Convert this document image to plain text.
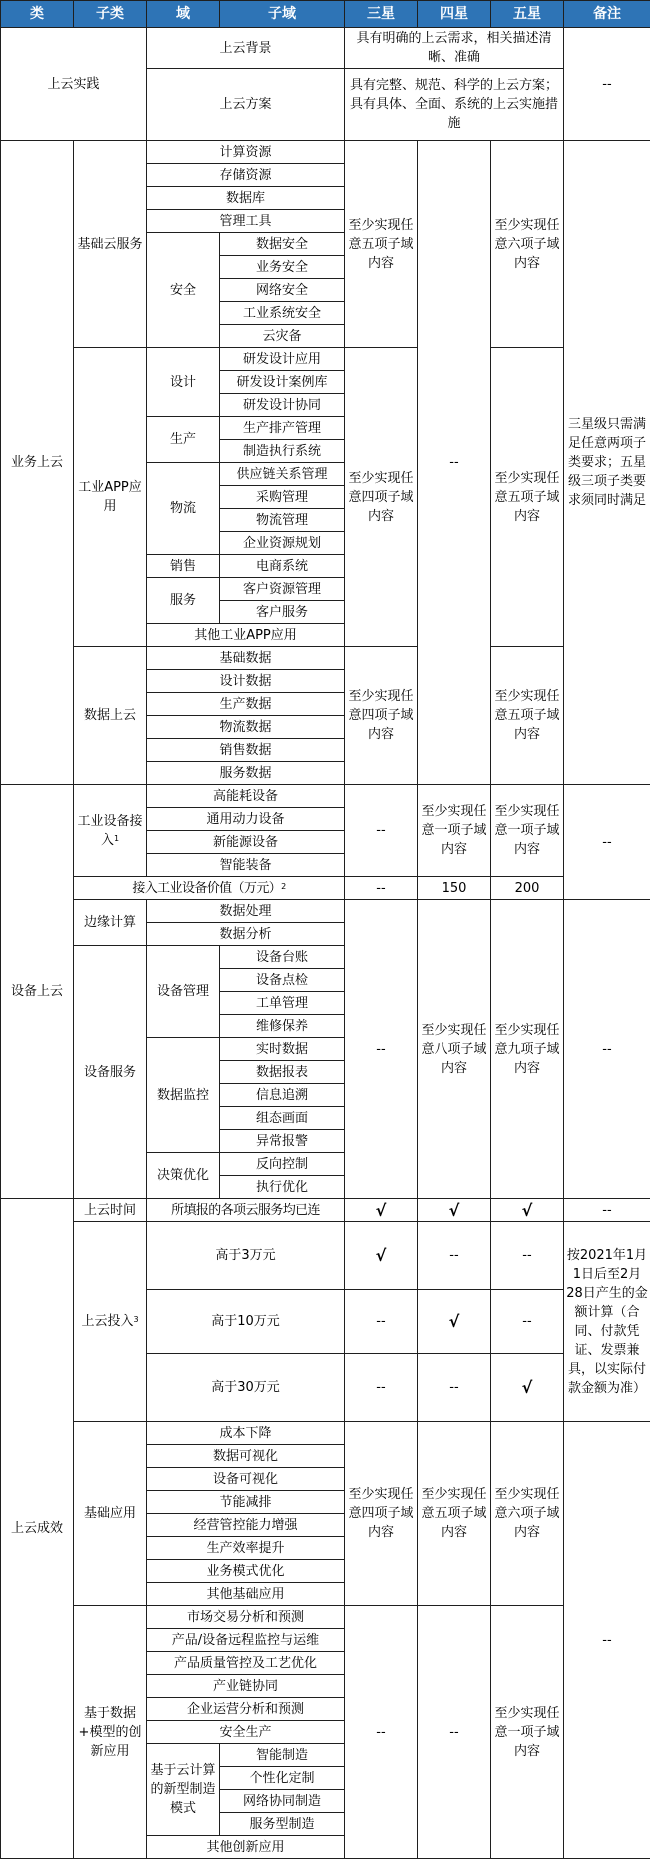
类	子类	域	子域	三星	四星	五星	备注
上云实践		上云背景		具有明确的上云需求，相关描述清晰、准确			--
		上云方案		具有完整、规范、科学的上云方案；具有具体、全面、系统的上云实施措施			
业务上云	基础云服务	计算资源		至少实现任意五项子域内容	--	至少实现任意六项子域内容	三星级只需满足任意两项子类要求；五星级三项子类要求须同时满足
		存储资源					
		数据库					
		管理工具					
		安全	数据安全				
			业务安全				
			网络安全				
			工业系统安全				
			云灾备				
	工业APP应用	设计	研发设计应用	至少实现任意四项子域内容		至少实现任意五项子域内容	
			研发设计案例库				
			研发设计协同				
		生产	生产排产管理				
			制造执行系统				
		物流	供应链关系管理				
			采购管理				
			物流管理				
			企业资源规划				
		销售	电商系统				
		服务	客户资源管理				
			客户服务				
		其他工业APP应用					
	数据上云	基础数据		至少实现任意四项子域内容		至少实现任意五项子域内容	
		设计数据					
		生产数据					
		物流数据					
		销售数据					
		服务数据					
设备上云	工业设备接入$^1$	高能耗设备		--	至少实现任意一项子域内容	至少实现任意一项子域内容	--
		通用动力设备					
		新能源设备					
		智能装备					
	接入工业设备价值（万元）$^2$			--	150	200	
	边缘计算	数据处理		--	至少实现任意八项子域内容	至少实现任意九项子域内容	--
		数据分析					
	设备服务	设备管理	设备台账				
			设备点检				
			工单管理				
			维修保养				
		数据监控	实时数据				
			数据报表				
			信息追溯				
			组态画面				
			异常报警				
		决策优化	反向控制				
			执行优化				
上云成效	上云时间	所填报的各项云服务均已连		√	√	√	--
	上云投入$^3$	高于3万元		√	--	--	按2021年1月1日后至2月28日产生的金额计算（合同、付款凭证、发票兼具，以实际付款金额为准）
		高于10万元		--	√	--	
		高于30万元		--	--	√	
	基础应用	成本下降		至少实现任意四项子域内容	至少实现任意五项子域内容	至少实现任意六项子域内容	--
		数据可视化					
		设备可视化					
		节能减排					
		经营管控能力增强					
		生产效率提升					
		业务模式优化					
		其他基础应用					
	基于数据+模型的创新应用	市场交易分析和预测		--	--	至少实现任意一项子域内容	
		产品/设备远程监控与运维					
		产品质量管控及工艺优化					
		产业链协同					
		企业运营分析和预测					
		安全生产					
		基于云计算的新型制造模式	智能制造				
			个性化定制				
			网络协同制造				
			服务型制造				
		其他创新应用					
